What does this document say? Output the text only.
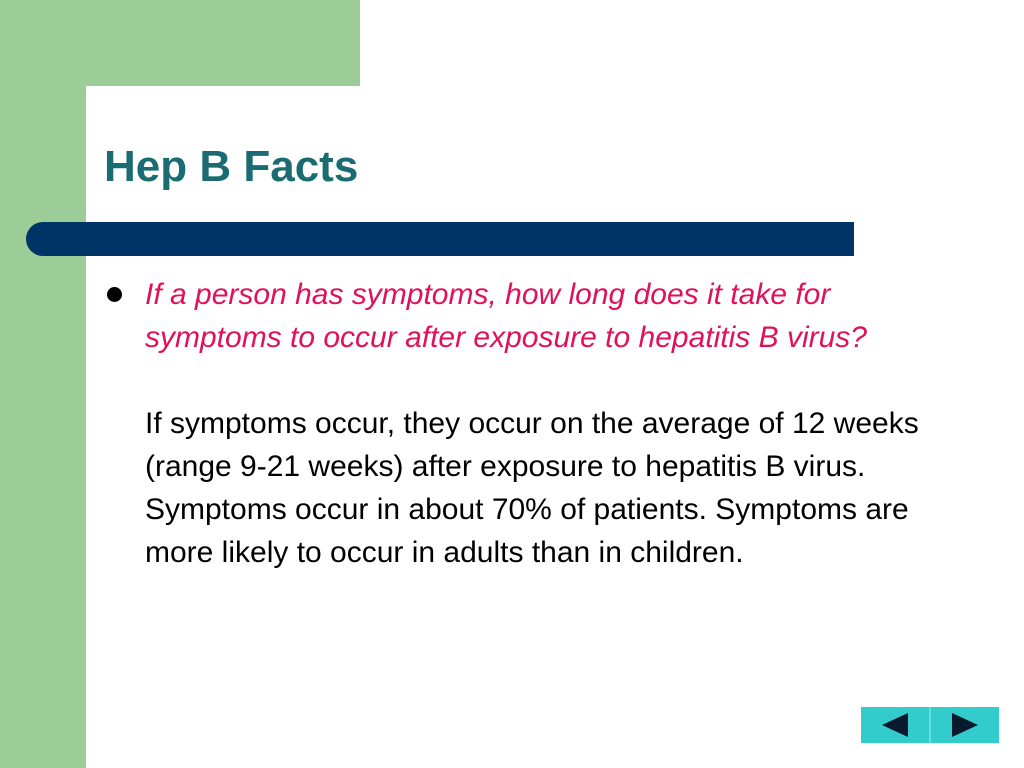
Hep B Facts

If a person has symptoms, how long does it take for symptoms to occur after exposure to hepatitis B virus?

If symptoms occur, they occur on the average of 12 weeks (range 9-21 weeks) after exposure to hepatitis B virus. Symptoms occur in about 70% of patients. Symptoms are more likely to occur in adults than in children.
